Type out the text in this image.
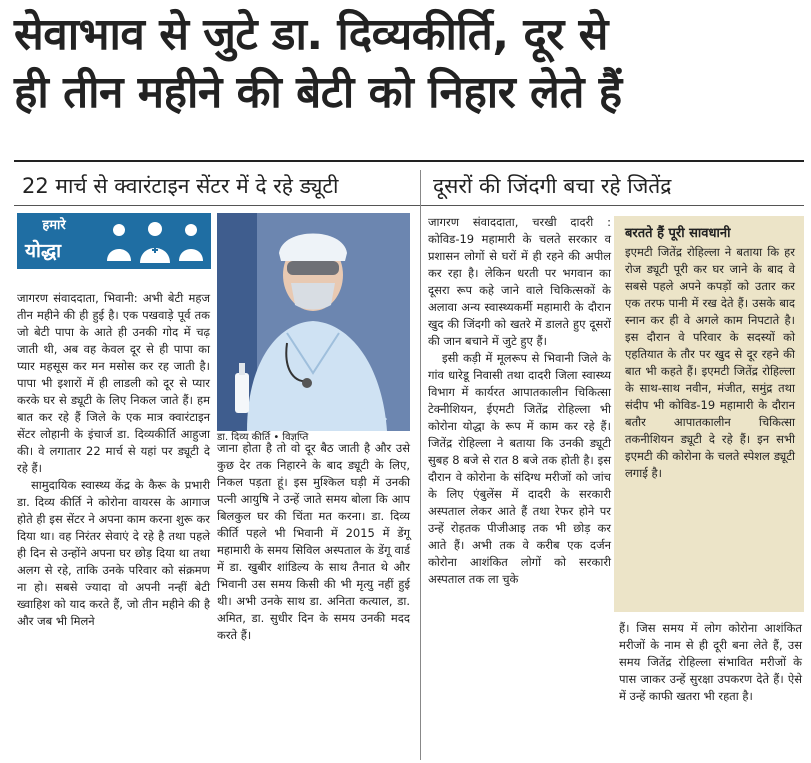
सेवाभाव से जुटे डा. दिव्यकीर्ति, दूर से
ही तीन महीने की बेटी को निहार लेते हैं
22 मार्च से क्वारंटाइन सेंटर में दे रहे ड्यूटी	दूसरों की जिंदगी बचा रहे जितेंद्र
हमारे
योद्धा

जागरण संवाददाता, भिवानी: अभी बेटी महज तीन महीने की ही हुई है। एक पखवाड़े पूर्व तक जो बेटी पापा के आते ही उनकी गोद में चढ़ जाती थी, अब वह केवल दूर से ही पापा का प्यार महसूस कर मन मसोस कर रह जाती है। पापा भी इशारों में ही लाडली को दूर से प्यार करके घर से ड्यूटी के लिए निकल जाते हैं। हम बात कर रहे हैं जिले के एक मात्र क्वारंटाइन सेंटर लोहानी के इंचार्ज डा. दिव्यकीर्ति आहुजा की। वे लगातार 22 मार्च से यहां पर ड्यूटी दे रहे हैं।

सामुदायिक स्वास्थ्य केंद्र के कैरू के प्रभारी डा. दिव्य कीर्ति ने कोरोना वायरस के आगाज होते ही इस सेंटर ने अपना काम करना शुरू कर दिया था। वह निरंतर सेवाएं दे रहे है तथा पहले ही दिन से उन्होंने अपना घर छोड़ दिया था तथा अलग से रहे, ताकि उनके परिवार को संक्रमण ना हो। सबसे ज्यादा वो अपनी नन्हीं बेटी ख्वाहिश को याद करते हैं, जो तीन महीने की है और जब भी मिलने

डा. दिव्य कीर्ति • विज्ञप्ति

जाना होता है तो वो दूर बैठ जाती है और उसे कुछ देर तक निहारने के बाद ड्यूटी के लिए, निकल पड़ता हूं। इस मुश्किल घड़ी में उनकी पत्नी आयुषि ने उन्हें जाते समय बोला कि आप बिलकुल घर की चिंता मत करना। डा. दिव्य कीर्ति पहले भी भिवानी में 2015 में डेंगू महामारी के समय सिविल अस्पताल के डेंगू वार्ड में डा. खुबीर शांडिल्य के साथ तैनात थे और भिवानी उस समय किसी की भी मृत्यु नहीं हुई थी। अभी उनके साथ डा. अनिता कत्याल, डा. अमित, डा. सुधीर दिन के समय उनकी मदद करते हैं।

जागरण संवाददाता, चरखी दादरी : कोविड-19 महामारी के चलते सरकार व प्रशासन लोगों से घरों में ही रहने की अपील कर रहा है। लेकिन धरती पर भगवान का दूसरा रूप कहे जाने वाले चिकित्सकों के अलावा अन्य स्वास्थ्यकर्मी महामारी के दौरान खुद की जिंदगी को खतरे में डालते हुए दूसरों की जान बचाने में जुटे हुए हैं।

इसी कड़ी में मूलरूप से भिवानी जिले के गांव धारेडू निवासी तथा दादरी जिला स्वास्थ्य विभाग में कार्यरत आपातकालीन चिकित्सा टेक्नीशियन, ईएमटी जितेंद्र रोहिल्ला भी कोरोना योद्धा के रूप में काम कर रहे हैं। जितेंद्र रोहिल्ला ने बताया कि उनकी ड्यूटी सुबह 8 बजे से रात 8 बजे तक होती है। इस दौरान वे कोरोना के संदिग्ध मरीजों को जांच के लिए एंबुलेंस में दादरी के सरकारी अस्पताल लेकर आते हैं तथा रेफर होने पर उन्हें रोहतक पीजीआइ तक भी छोड़ कर आते हैं। अभी तक वे करीब एक दर्जन कोरोना आशंकित लोगों को सरकारी अस्पताल तक ला चुके

बरतते हैं पूरी सावधानी

इएमटी जितेंद्र रोहिल्ला ने बताया कि हर रोज ड्यूटी पूरी कर घर जाने के बाद वे सबसे पहले अपने कपड़ों को उतार कर एक तरफ पानी में रख देते हैं। उसके बाद स्नान कर ही वे अगले काम निपटाते है। इस दौरान वे परिवार के सदस्यों को एहतियात के तौर पर खुद से दूर रहने की बात भी कहते हैं। इएमटी जितेंद्र रोहिल्ला के साथ-साथ नवीन, मंजीत, समुंद्र तथा संदीप भी कोविड-19 महामारी के दौरान बतौर आपातकालीन चिकित्सा तकनीशियन ड्यूटी दे रहे हैं। इन सभी इएमटी की कोरोना के चलते स्पेशल ड्यूटी लगाई है।

हैं। जिस समय में लोग कोरोना आशंकित मरीजों के नाम से ही दूरी बना लेते हैं, उस समय जितेंद्र रोहिल्ला संभावित मरीजों के पास जाकर उन्हें सुरक्षा उपकरण देते हैं। ऐसे में उन्हें काफी खतरा भी रहता है।
